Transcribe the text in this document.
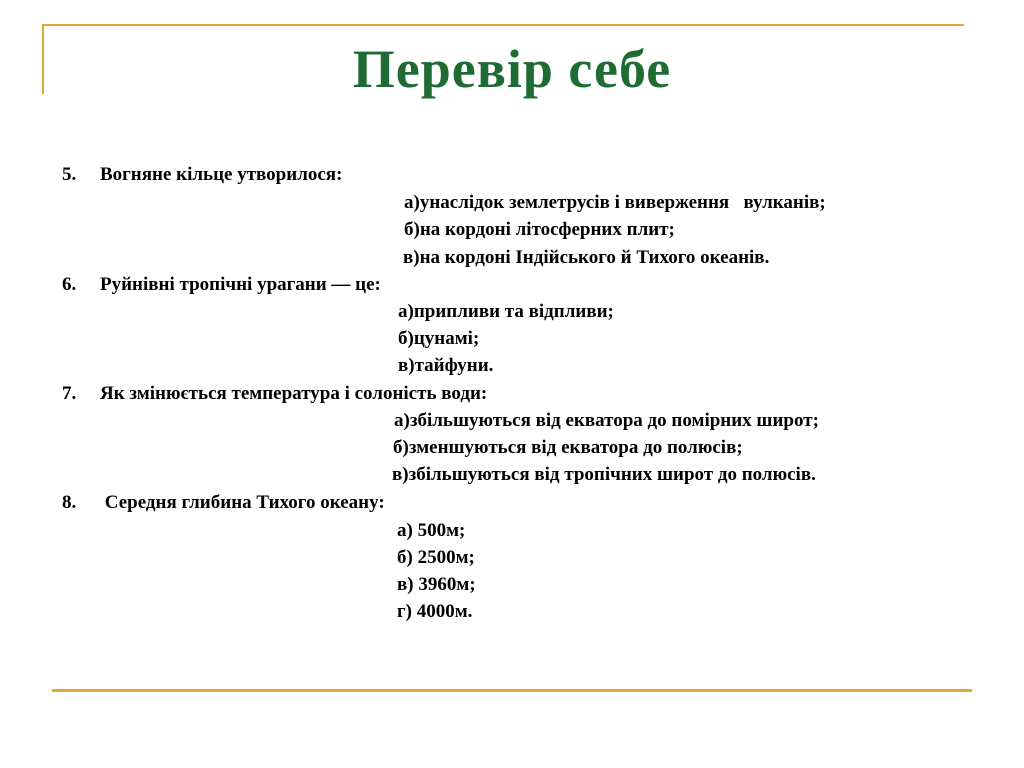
Перевір себе
5. Вогняне кільце утворилося:
а)унаслідок землетрусів і виверження   вулканів;
б)на кордоні літосферних плит;
в)на кордоні Індійського й Тихого океанів.
6. Руйнівні тропічні урагани — це:
а)припливи та відпливи;
б)цунамі;
в)тайфуни.
7. Як змінюється температура і солоність води:
а)збільшуються від екватора до помірних широт;
б)зменшуються від екватора до полюсів;
в)збільшуються від тропічних широт до полюсів.
8. Середня глибина Тихого океану:
а) 500м;
б) 2500м;
в) 3960м;
г) 4000м.
